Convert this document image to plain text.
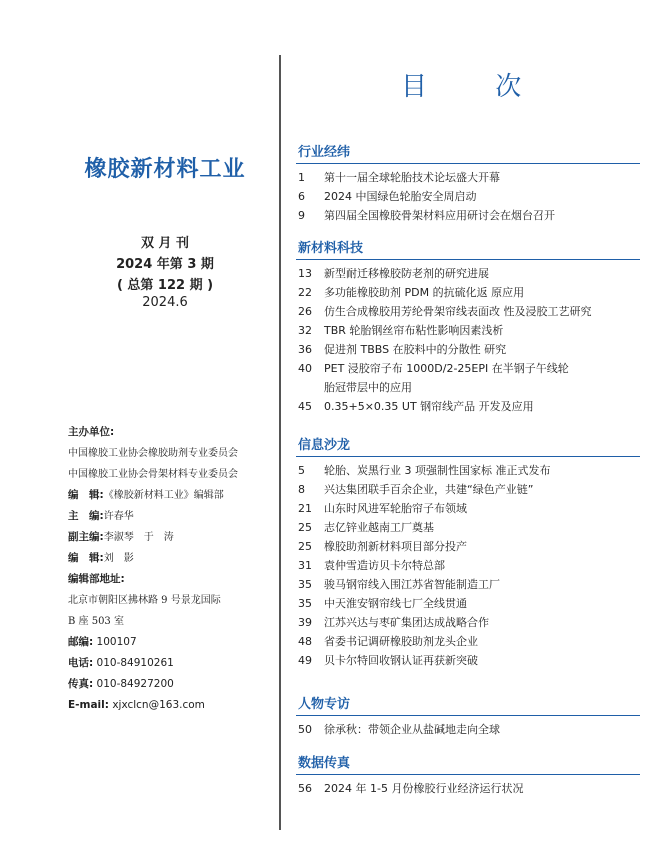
橡胶新材料工业
双 月 刊
2024 年第 3 期
( 总第 122 期 )
2024.6
主办单位:
中国橡胶工业协会橡胶助剂专业委员会
中国橡胶工业协会骨架材料专业委员会
编　辑:《橡胶新材料工业》编辑部
主　编:许春华
副主编:李淑琴　于　涛
编　辑:刘　影
编辑部地址:
北京市朝阳区拂林路 9 号景龙国际
B 座 503 室
邮编: 100107
电话: 010-84910261
传真: 010-84927200
E-mail: xjxclcn@163.com
目 次
行业经纬
1	第十一届全球轮胎技术论坛盛大开幕
6	2024 中国绿色轮胎安全周启动
9	第四届全国橡胶骨架材料应用研讨会在烟台召开
新材料科技
13	新型耐迁移橡胶防老剂的研究进展
22	多功能橡胶助剂 PDM 的抗硫化返 原应用
26	仿生合成橡胶用芳纶骨架帘线表面改 性及浸胶工艺研究
32	TBR 轮胎钢丝帘布粘性影响因素浅析
36	促进剂 TBBS 在胶料中的分散性 研究
40	PET 浸胶帘子布 1000D/2-25EPI 在半钢子午线轮
胎冠带层中的应用
45	0.35+5×0.35 UT 钢帘线产品 开发及应用
信息沙龙
5	轮胎、炭黑行业 3 项强制性国家标 准正式发布
8	兴达集团联手百余企业，共建“绿色产业链”
21	山东时风进军轮胎帘子布领域
25	志亿锌业越南工厂奠基
25	橡胶助剂新材料项目部分投产
31	袁仲雪造访贝卡尔特总部
35	骏马钢帘线入围江苏省智能制造工厂
35	中天淮安钢帘线七厂全线贯通
39	江苏兴达与枣矿集团达成战略合作
48	省委书记调研橡胶助剂龙头企业
49	贝卡尔特回收钢认证再获新突破
人物专访
50	徐承秋：带领企业从盐碱地走向全球
数据传真
56	2024 年 1-5 月份橡胶行业经济运行状况
